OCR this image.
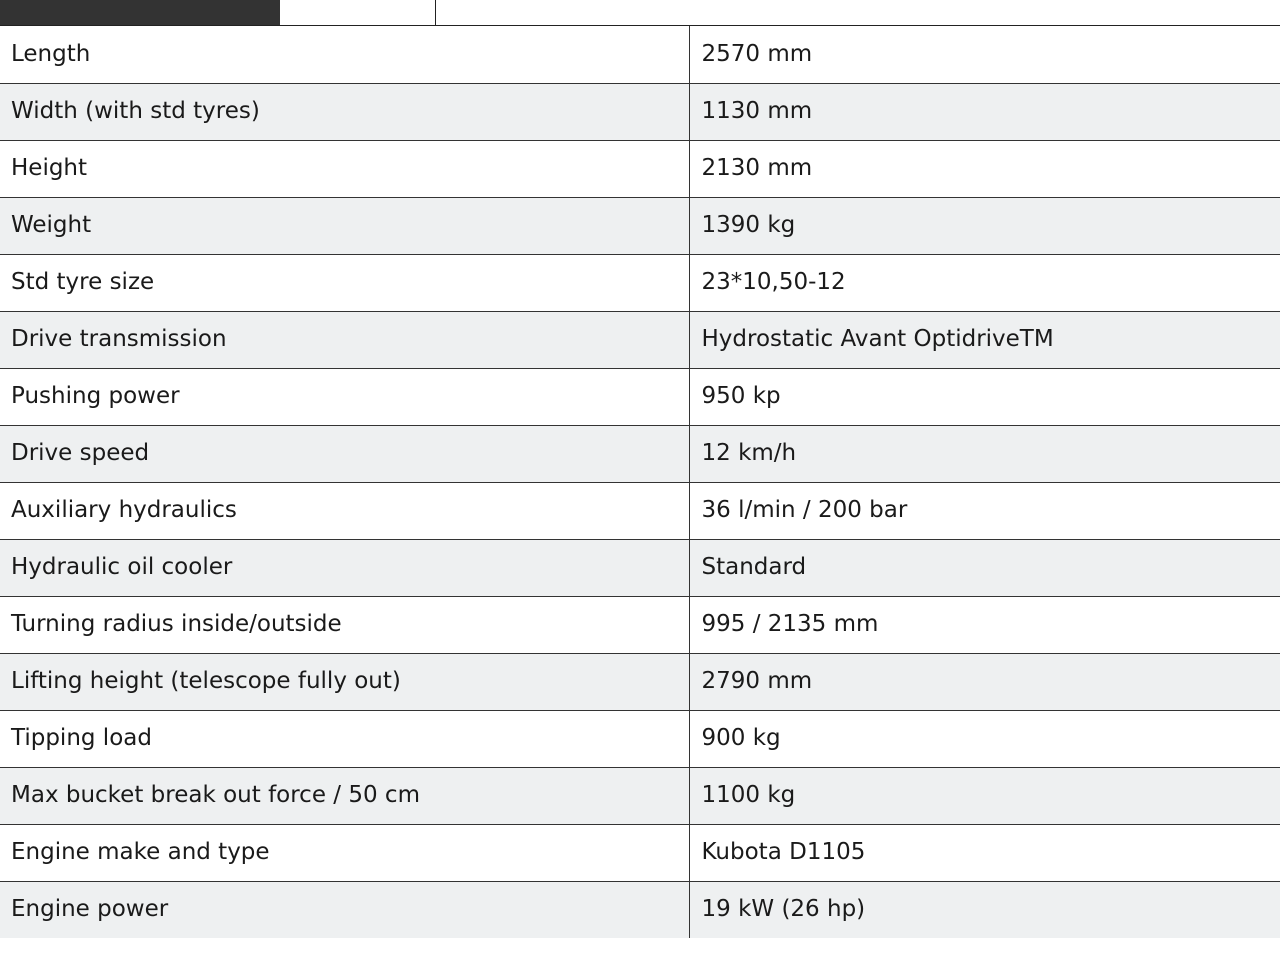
Length	2570 mm
Width (with std tyres)	1130 mm
Height	2130 mm
Weight	1390 kg
Std tyre size	23*10,50-12
Drive transmission	Hydrostatic Avant OptidriveTM
Pushing power	950 kp
Drive speed	12 km/h
Auxiliary hydraulics	36 l/min / 200 bar
Hydraulic oil cooler	Standard
Turning radius inside/outside	995 / 2135 mm
Lifting height (telescope fully out)	2790 mm
Tipping load	900 kg
Max bucket break out force / 50 cm	1100 kg
Engine make and type	Kubota D1105
Engine power	19 kW (26 hp)
